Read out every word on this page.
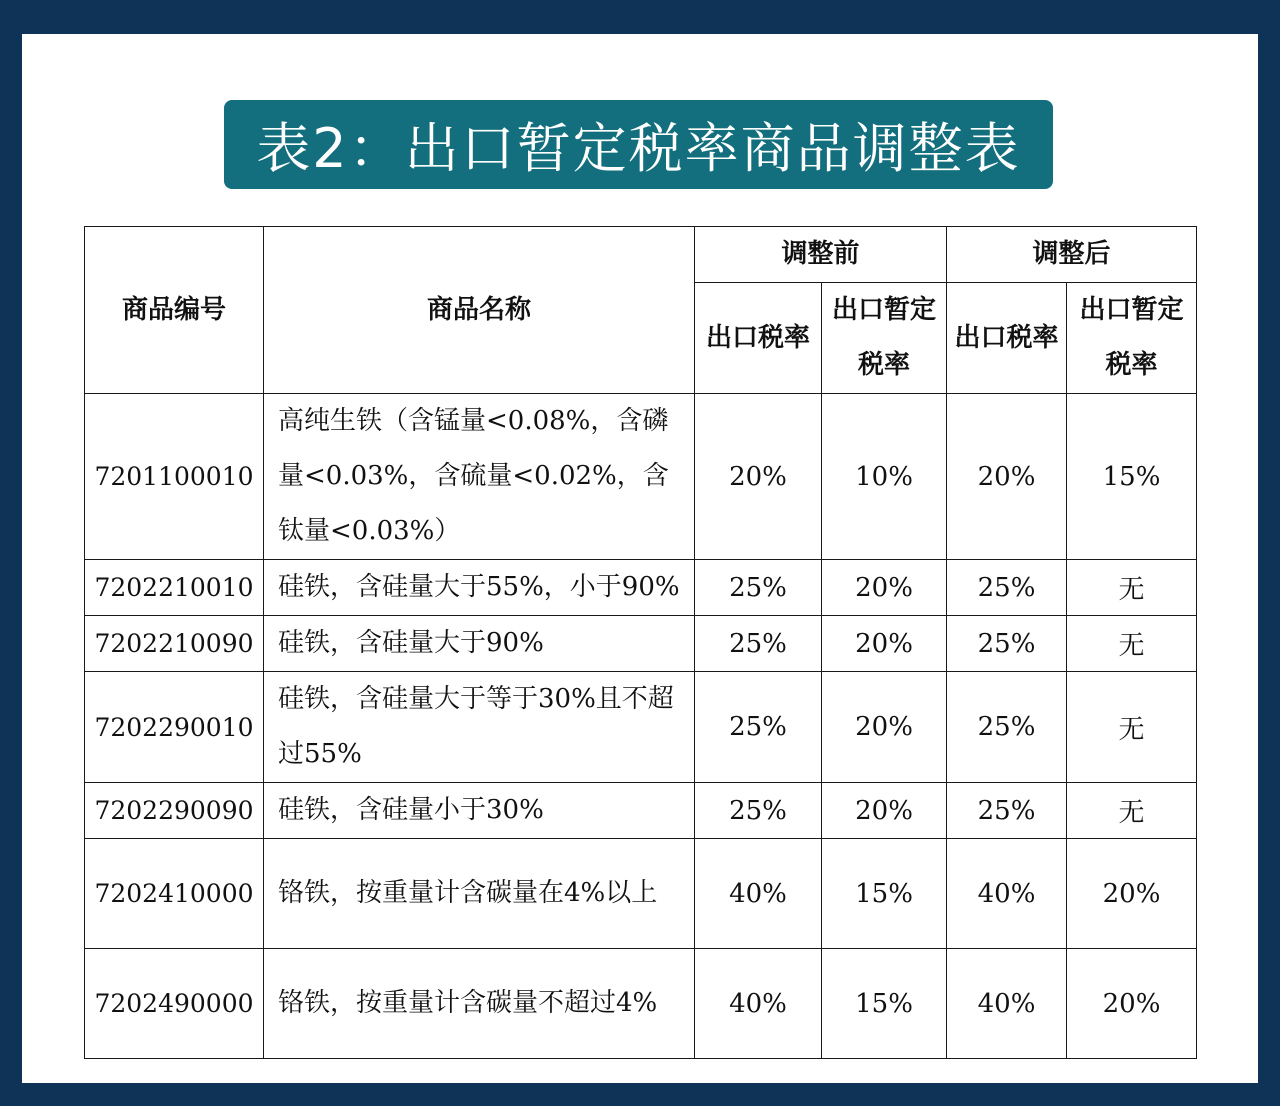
表2：出口暂定税率商品调整表
商品编号	商品名称	调整前		调整后	
		出口税率	出口暂定税率	出口税率	出口暂定税率
7201100010	高纯生铁（含锰量<0.08%，含磷量<0.03%，含硫量<0.02%，含钛量<0.03%）	20%	10%	20%	15%
7202210010	硅铁，含硅量大于55%，小于90%	25%	20%	25%	无
7202210090	硅铁，含硅量大于90%	25%	20%	25%	无
7202290010	硅铁，含硅量大于等于30%且不超过55%	25%	20%	25%	无
7202290090	硅铁，含硅量小于30%	25%	20%	25%	无
7202410000	铬铁，按重量计含碳量在4%以上	40%	15%	40%	20%
7202490000	铬铁，按重量计含碳量不超过4%	40%	15%	40%	20%
